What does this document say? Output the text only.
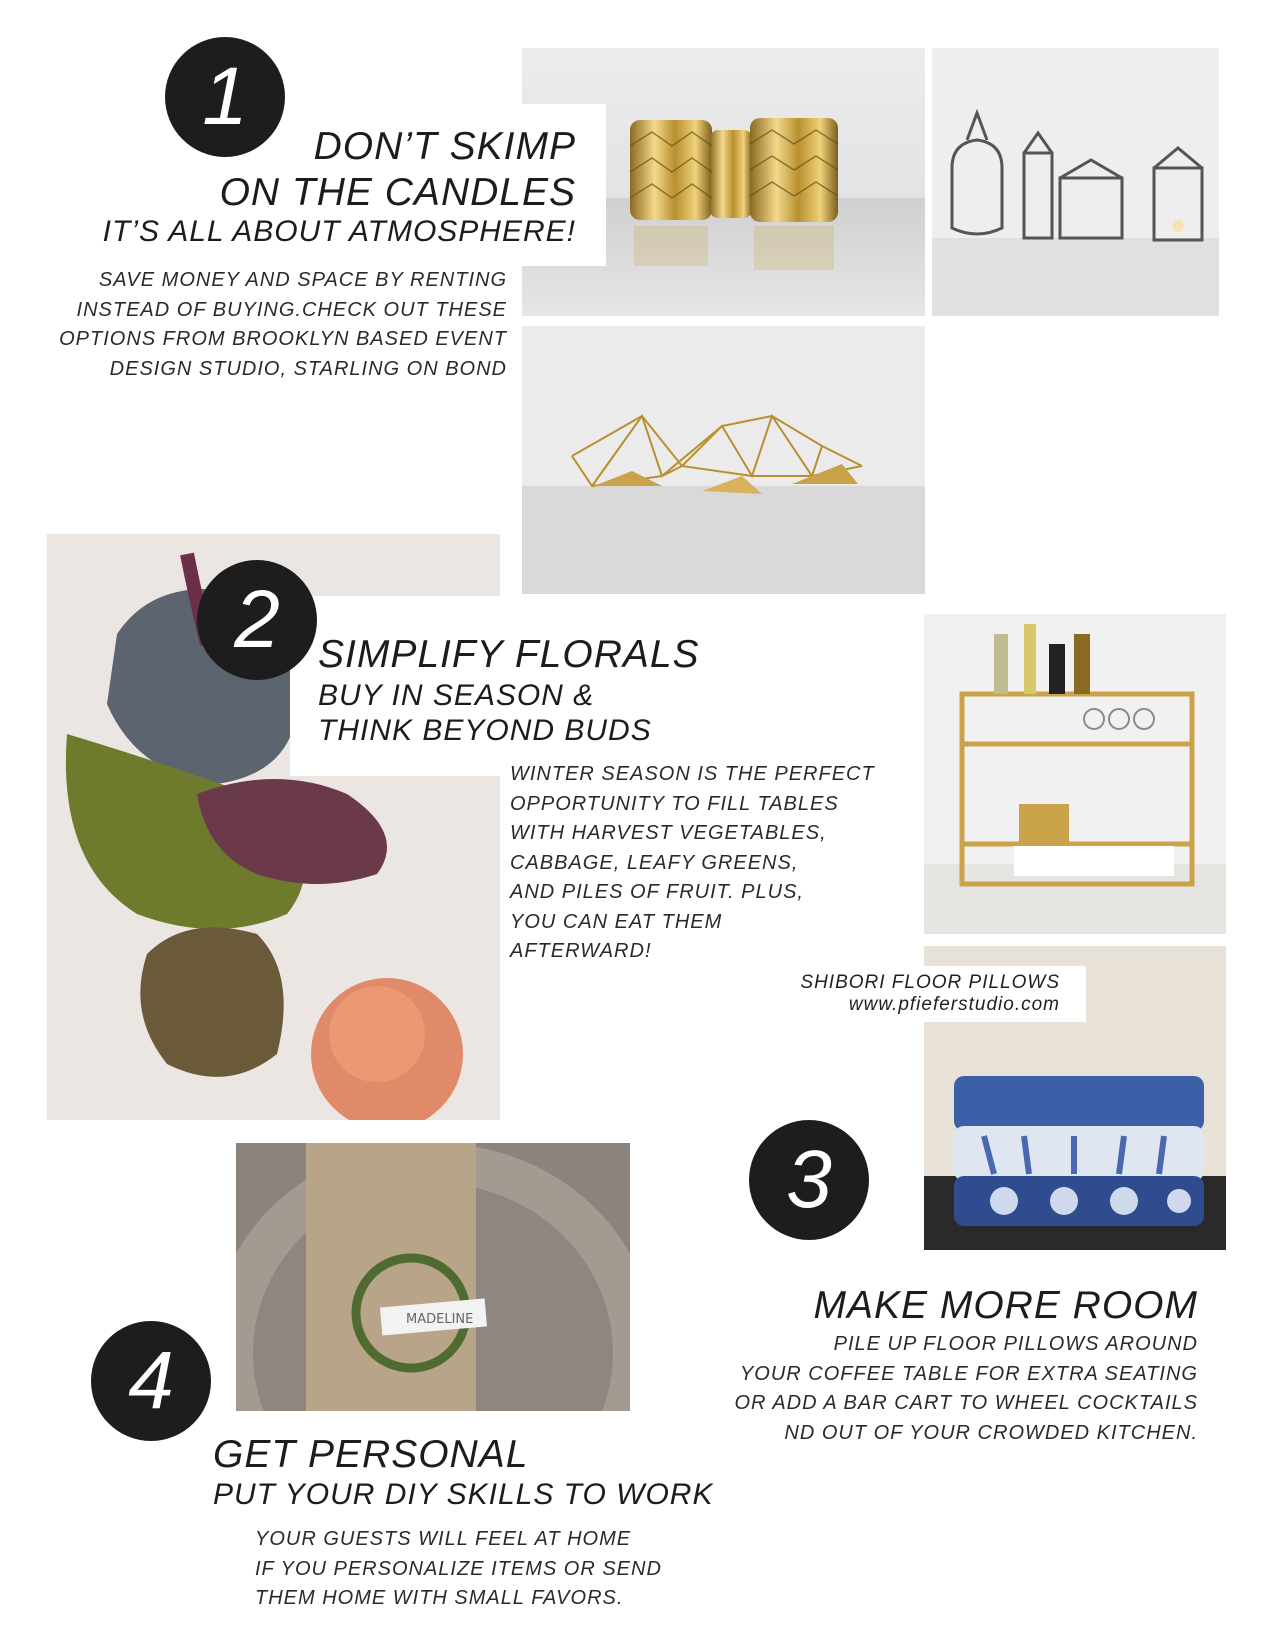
MADELINE
1
DON’T SKIMP
ON THE CANDLES
IT’S ALL ABOUT ATMOSPHERE!
SAVE MONEY AND SPACE BY RENTING
INSTEAD OF BUYING.CHECK OUT THESE
OPTIONS FROM BROOKLYN BASED EVENT
DESIGN STUDIO, STARLING ON BOND
2 SIMPLIFY FLORALS
BUY IN SEASON &
THINK BEYOND BUDS
WINTER SEASON IS THE PERFECT
OPPORTUNITY TO FILL TABLES
WITH HARVEST VEGETABLES,
CABBAGE, LEAFY GREENS,
AND PILES OF FRUIT. PLUS,
YOU CAN EAT THEM
AFTERWARD!
SHIBORI FLOOR PILLOWS
www.pfieferstudio.com
3
MAKE MORE ROOM
PILE UP FLOOR PILLOWS AROUND
YOUR COFFEE TABLE FOR EXTRA SEATING
OR ADD A BAR CART TO WHEEL COCKTAILS
ND OUT OF YOUR CROWDED KITCHEN.
4
GET PERSONAL
PUT YOUR DIY SKILLS TO WORK
YOUR GUESTS WILL FEEL AT HOME
IF YOU PERSONALIZE ITEMS OR SEND
THEM HOME WITH SMALL FAVORS.
